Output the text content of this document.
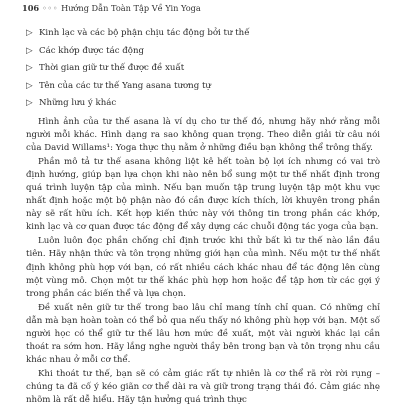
106 ◦◦◦ Hướng Dẫn Toàn Tập Về Yin Yoga
▷ Kinh lạc và các bộ phận chịu tác động bởi tư thế
▷ Các khớp được tác động
▷ Thời gian giữ tư thế được đề xuất
▷ Tên của các tư thế Yang asana tương tự
▷ Những lưu ý khác

Hình ảnh của tư thế asana là ví dụ cho tư thế đó, nhưng hãy nhớ rằng mỗi người mỗi khác. Hình dạng ra sao không quan trọng. Theo diễn giải từ câu nói của David Willams¹: Yoga thực thụ nằm ở những điều bạn không thể trông thấy.

Phần mô tả tư thế asana không liệt kê hết toàn bộ lợi ích nhưng có vai trò định hướng, giúp bạn lựa chọn khi nào nên bổ sung một tư thế nhất định trong quá trình luyện tập của mình. Nếu bạn muốn tập trung luyện tập một khu vực nhất định hoặc một bộ phận nào đó cần được kích thích, lời khuyên trong phần này sẽ rất hữu ích. Kết hợp kiến thức này với thông tin trong phần các khớp, kinh lạc và cơ quan được tác động để xây dựng các chuỗi động tác yoga của bạn.

Luôn luôn đọc phần chống chỉ định trước khi thử bất kì tư thế nào lần đầu tiên. Hãy nhận thức và tôn trọng những giới hạn của mình. Nếu một tư thế nhất định không phù hợp với bạn, có rất nhiều cách khác nhau để tác động lên cùng một vùng mô. Chọn một tư thế khác phù hợp hơn hoặc để tập hơn từ các gợi ý trong phần các biến thể và lựa chọn.

Đề xuất nên giữ tư thế trong bao lâu chỉ mang tính chỉ quan. Có những chỉ dẫn mà bạn hoàn toàn có thể bỏ qua nếu thấy nó không phù hợp với bạn. Một số người học có thể giữ tư thế lâu hơn mức đề xuất, một vài người khác lại cần thoát ra sớm hơn. Hãy lắng nghe người thầy bên trong bạn và tôn trọng nhu cầu khác nhau ở mỗi cơ thể.

Khi thoát tư thế, bạn sẽ có cảm giác rất tự nhiên là cơ thể rã rời rời rụng – chúng ta đã cố ý kéo giãn cơ thể dài ra và giữ trong trạng thái đó. Cảm giác nhẹ nhõm là rất dễ hiểu. Hãy tận hưởng quá trình thực
